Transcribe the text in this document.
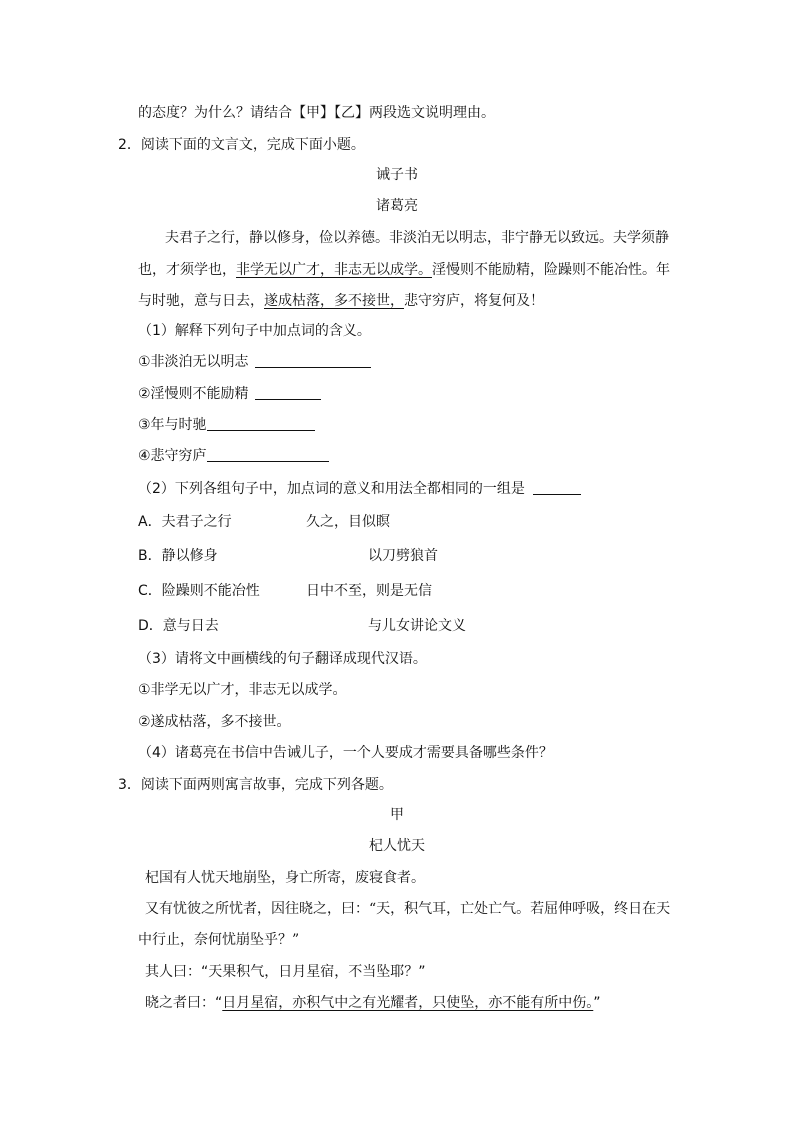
的态度？为什么？请结合【甲】【乙】两段选文说明理由。
2．阅读下面的文言文，完成下面小题。
诫子书
诸葛亮
夫君子之行，静以修身，俭以养德。非淡泊无以明志，非宁静无以致远。夫学须静
也，才须学也，非学无以广才，非志无以成学。淫慢则不能励精，险躁则不能冶性。年
与时驰，意与日去，遂成枯落，多不接世，悲守穷庐，将复何及！
（1）解释下列句子中加点词的含义。
①非淡泊无以明志
②淫慢则不能励精
③年与时驰
④悲守穷庐
（2）下列各组句子中，加点词的意义和用法全都相同的一组是
A．夫君子之行	久之，目似瞑
B．静以修身	以刀劈狼首
C．险躁则不能冶性	日中不至，则是无信
D．意与日去	与儿女讲论文义
（3）请将文中画横线的句子翻译成现代汉语。
①非学无以广才，非志无以成学。
②遂成枯落，多不接世。
（4）诸葛亮在书信中告诫儿子，一个人要成才需要具备哪些条件？
3．阅读下面两则寓言故事，完成下列各题。
甲
杞人忧天
杞国有人忧天地崩坠，身亡所寄，废寝食者。
又有忧彼之所忧者，因往晓之，曰：“天，积气耳，亡处亡气。若屈伸呼吸，终日在天
中行止，奈何忧崩坠乎？”
其人曰：“天果积气，日月星宿，不当坠耶？”
晓之者曰：“日月星宿，亦积气中之有光耀者，只使坠，亦不能有所中伤。”
